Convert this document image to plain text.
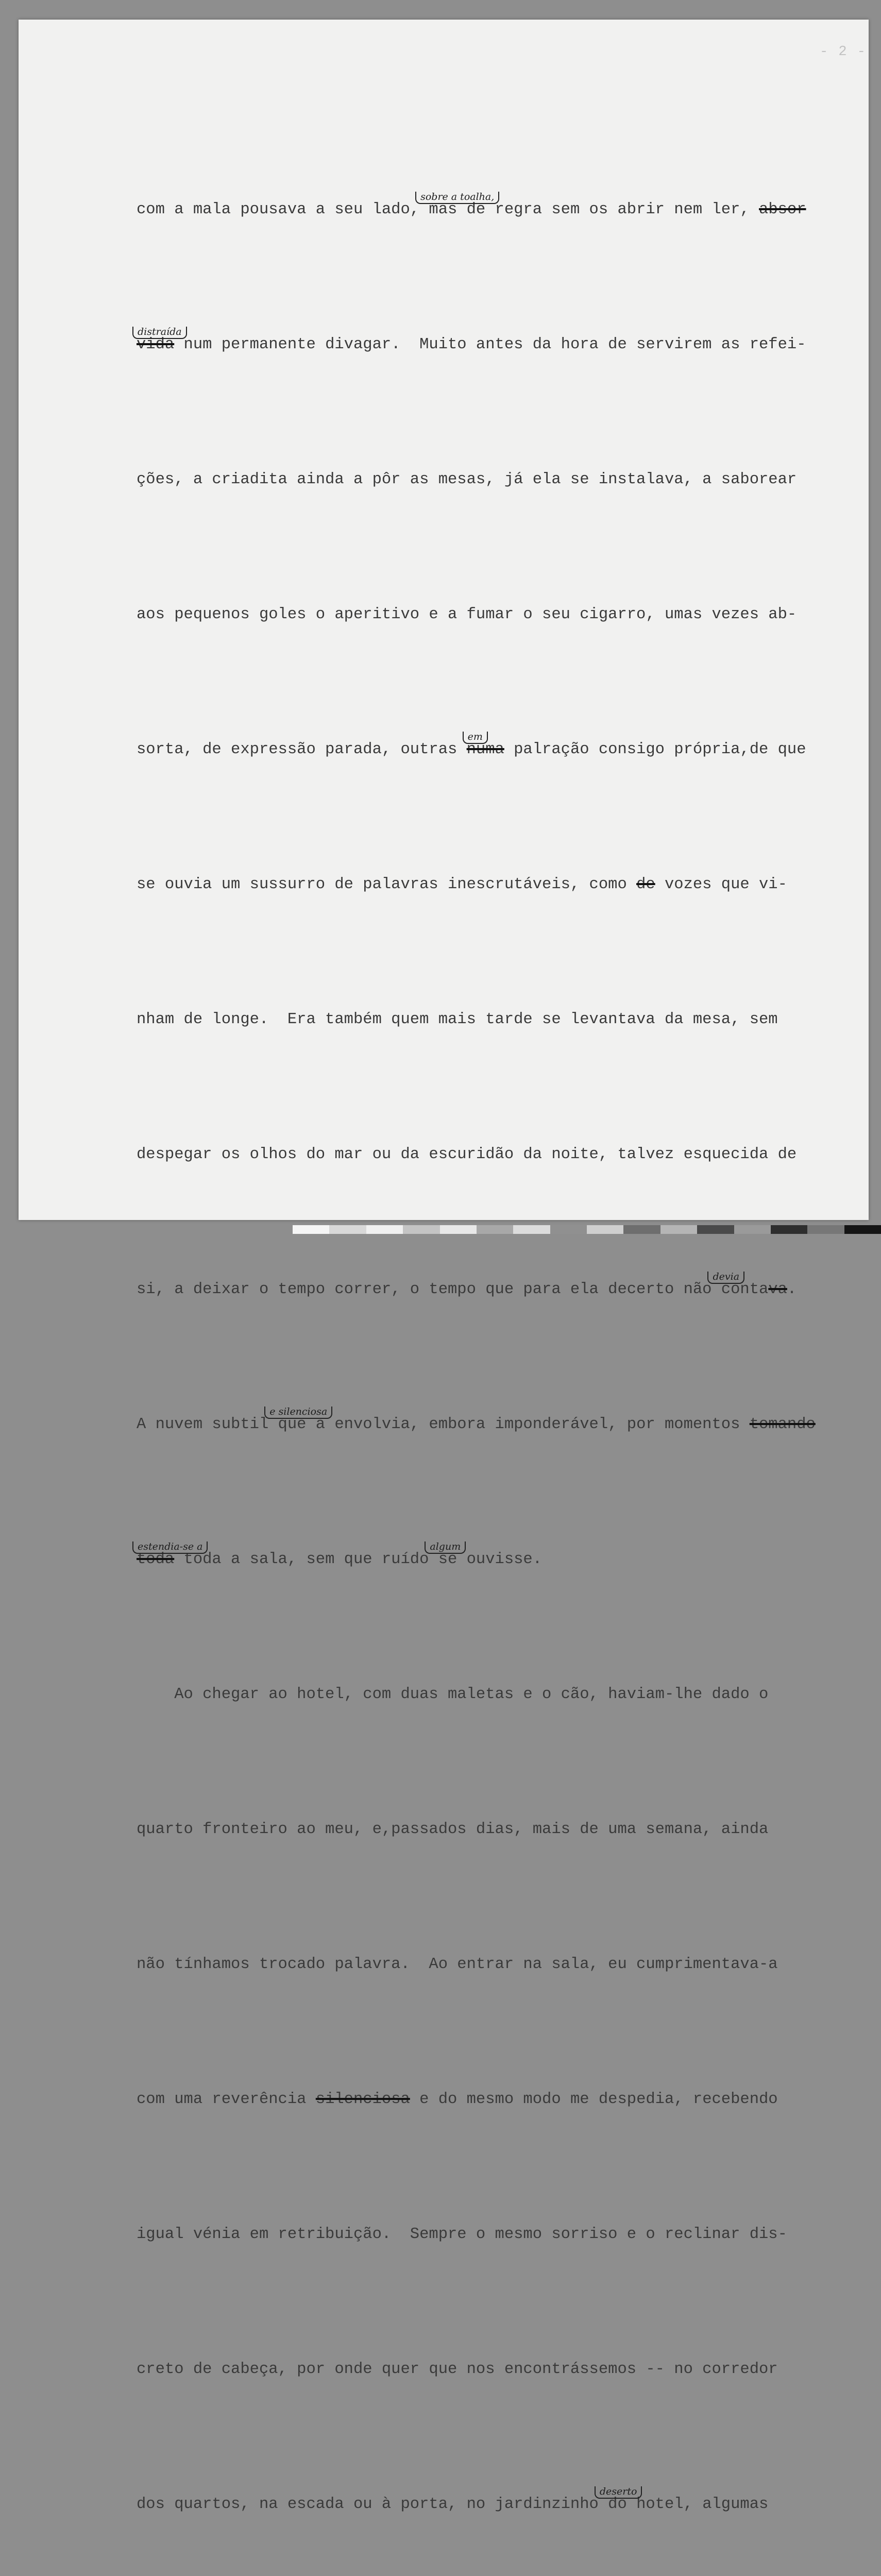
- 2 -

com a mala pousava a seu lado,
sobre a toalha,
mas de regra sem os abrir nem ler, absor

distraída
vida num permanente divagar.  Muito antes da hora de servirem as refei-

ções, a criadita ainda a pôr as mesas, já ela se instalava, a saborear

aos pequenos goles o aperitivo e a fumar o seu cigarro, umas vezes ab-

sorta, de expressão parada, outras
em
numa palração consigo própria,de que

se ouvia um sussurro de palavras inescrutáveis, como de vozes que vi-

nham de longe.  Era também quem mais tarde se levantava da mesa, sem

despegar os olhos do mar ou da escuridão da noite, talvez esquecida de

si, a deixar o tempo correr, o tempo que para ela decerto não
devia
contava.

A nuvem subtil
e silenciosa
que a envolvia, embora imponderável, por momentos tomando

estendia-se a
toda toda a sala, sem que ruído
algum
se ouvisse.

Ao chegar ao hotel, com duas maletas e o cão, haviam-lhe dado o

quarto fronteiro ao meu, e,passados dias, mais de uma semana, ainda

não tínhamos trocado palavra.  Ao entrar na sala, eu cumprimentava-a

com uma reverência silenciosa e do mesmo modo me despedia, recebendo

igual vénia em retribuição.  Sempre o mesmo sorriso e o reclinar dis-

creto de cabeça, por onde quer que nos encontrássemos -- no corredor

dos quartos, na escada ou à porta, no jardinzinho
deserto
do hotel, algumas
